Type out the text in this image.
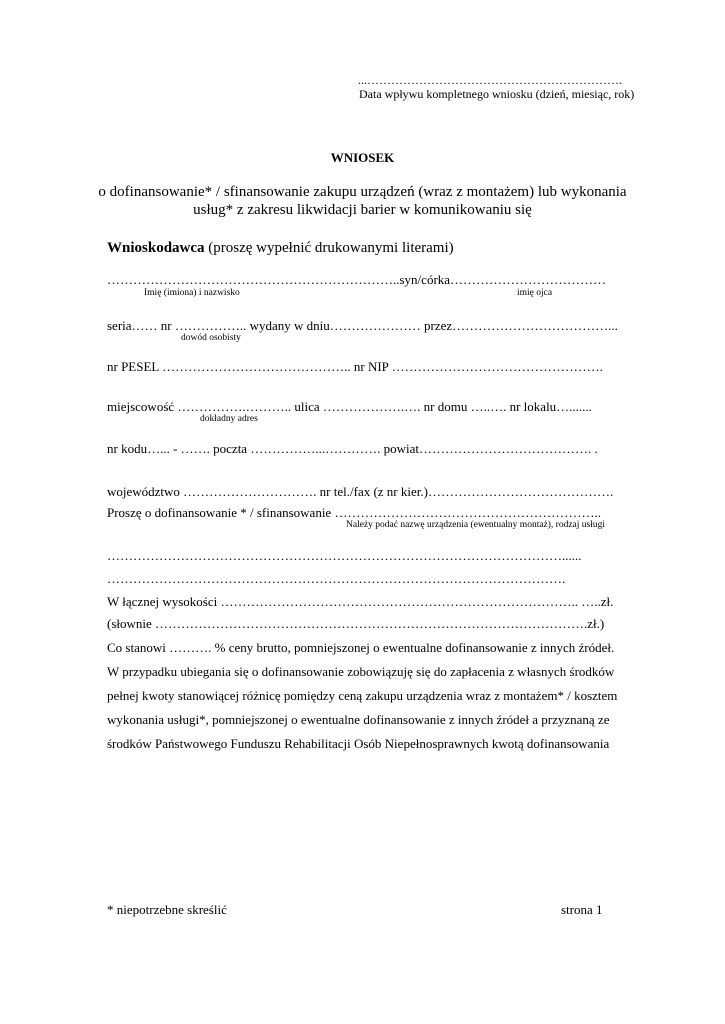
...……………………………………………………….
Data wpływu kompletnego wniosku (dzień, miesiąc, rok)
WNIOSEK
o dofinansowanie* / sfinansowanie zakupu urządzeń (wraz z montażem) lub wykonania
usług* z zakresu likwidacji barier w komunikowaniu się
Wnioskodawca (proszę wypełnić drukowanymi literami)
…………………………………………………………..syn/córka………………………………
Imię (imiona) i nazwisko	imię ojca
seria…… nr …………….. wydany w dniu………………… przez………………………………...
dowód osobisty
nr PESEL …………………………………….. nr NIP ………………………………………….
miejscowość …………….……….. ulica ……………….…. nr domu …..…. nr lokalu….......
dokładny adres
nr kodu…... - ……. poczta ……………...…………. powiat…………………………………. .
województwo …………………………. nr tel./fax (z nr kier.)…………………………………….
Proszę o dofinansowanie * / sfinansowanie ……………………………………………………..
Należy podać nazwę urządzenia (ewentualny montaż), rodzaj usługi
……………………………………………………………………………………………......
…………………………………………………………………………………………….
W łącznej wysokości ……………………………………………………………………….. …..zł.
(słownie ……………………………………………………………………………………….zł.)
Co stanowi ………. % ceny brutto, pomniejszonej o ewentualne dofinansowanie z innych źródeł.
W przypadku ubiegania się o dofinansowanie zobowiązuję się do zapłacenia z własnych środków
pełnej kwoty stanowiącej różnicę pomiędzy ceną zakupu urządzenia wraz z montażem* / kosztem
wykonania usługi*, pomniejszonej o ewentualne dofinansowanie z innych źródeł a przyznaną ze
środków Państwowego Funduszu Rehabilitacji Osób Niepełnosprawnych kwotą dofinansowania
* niepotrzebne skreślić	strona 1
